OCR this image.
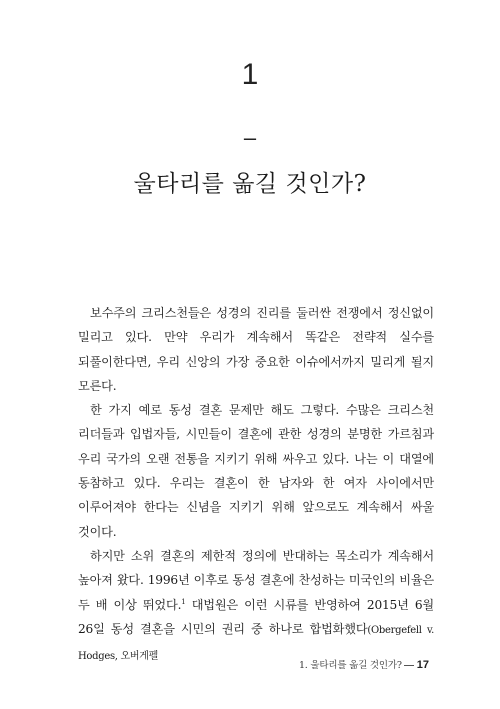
1
–
울타리를 옮길 것인가?

보수주의 크리스천들은 성경의 진리를 둘러싼 전쟁에서 정신없이 밀리고 있다. 만약 우리가 계속해서 똑같은 전략적 실수를 되풀이한다면, 우리 신앙의 가장 중요한 이슈에서까지 밀리게 될지 모른다.

한 가지 예로 동성 결혼 문제만 해도 그렇다. 수많은 크리스천 리더들과 입법자들, 시민들이 결혼에 관한 성경의 분명한 가르침과 우리 국가의 오랜 전통을 지키기 위해 싸우고 있다. 나는 이 대열에 동참하고 있다. 우리는 결혼이 한 남자와 한 여자 사이에서만 이루어져야 한다는 신념을 지키기 위해 앞으로도 계속해서 싸울 것이다.

하지만 소위 결혼의 제한적 정의에 반대하는 목소리가 계속해서 높아져 왔다. 1996년 이후로 동성 결혼에 찬성하는 미국인의 비율은 두 배 이상 뛰었다.$^1$ 대법원은 이런 시류를 반영하여 2015년 6월 26일 동성 결혼을 시민의 권리 중 하나로 합법화했다(Obergefell v. Hodges, 오버게펠

1. 울타리를 옮길 것인가? 17
